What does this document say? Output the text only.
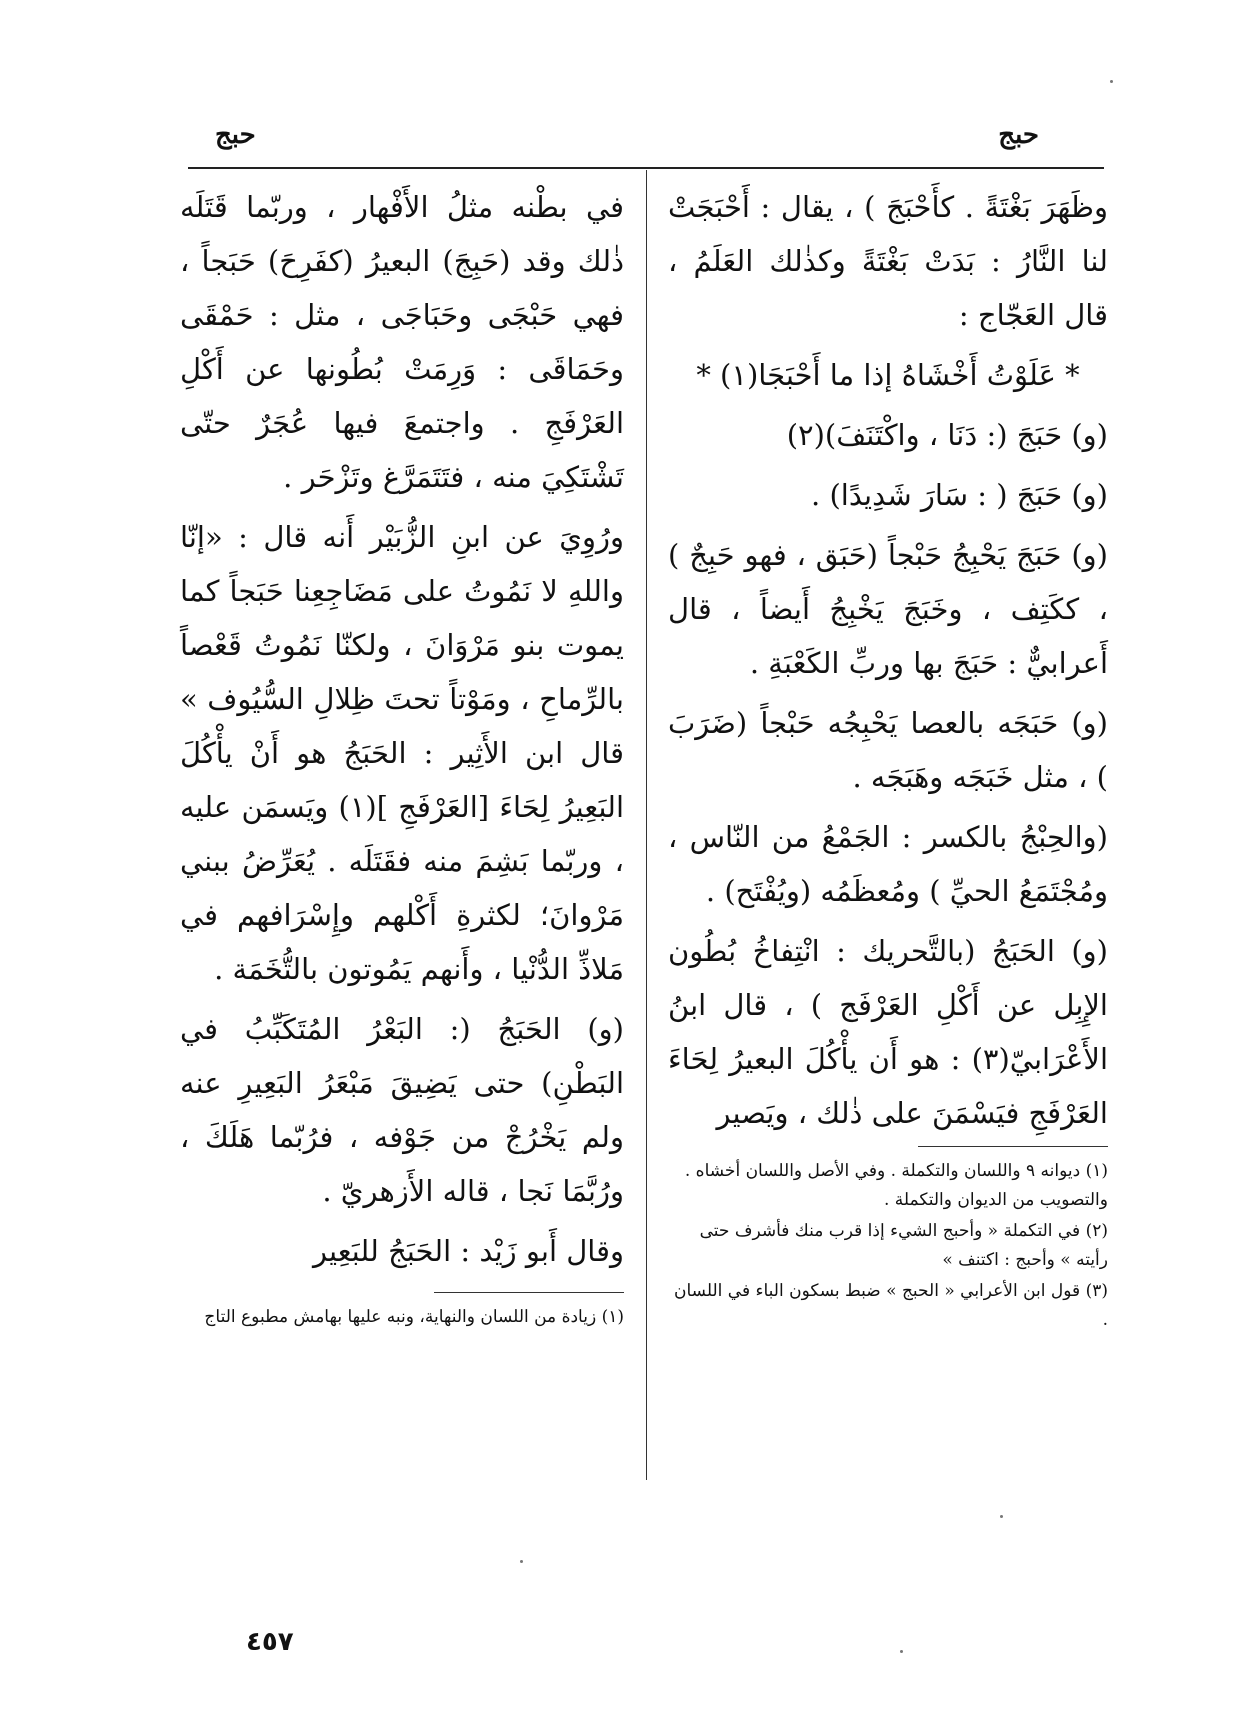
حبج
حبج

وظَهَرَ بَغْتَةً . كأَحْبَجَ ) ، يقال : أَحْبَجَتْ لنا النَّارُ : بَدَتْ بَغْتَةً وكذٰلك العَلَمُ ، قال العَجّاج :

* عَلَوْتُ أَخْشَاهُ إذا ما أَحْبَجَا(١) *

(و) حَبَجَ (: دَنَا ، واكْتَنَفَ)(٢)

(و) حَبَجَ ( : سَارَ شَدِيدًا) .

(و) حَبَجَ يَحْبِجُ حَبْجاً (حَبَق ، فهو حَبِجٌ ) ، ككَتِف ، وخَبَجَ يَخْبِجُ أَيضاً ، قال أَعرابيٌّ : حَبَجَ بها وربِّ الكَعْبَةِ .

(و) حَبَجَه بالعصا يَحْبِجُه حَبْجاً (ضَرَبَ ) ، مثل خَبَجَه وهَبَجَه .

(والحِبْجُ بالكسر : الجَمْعُ من النّاس ، ومُجْتَمَعُ الحيِّ ) ومُعظَمُه (ويُفْتَح) .

(و) الحَبَجُ (بالتَّحريك : انْتِفاخُ بُطُون الإِبِل عن أَكْلِ العَرْفَج ) ، قال ابنُ الأَعْرَابيّ(٣) : هو أَن يأْكُلَ البعيرُ لِحَاءَ العَرْفَجِ فيَسْمَنَ على ذٰلك ، ويَصير

(١) ديوانه ٩ واللسان والتكملة . وفي الأصل واللسان أخشاه . والتصويب من الديوان والتكملة .
(٢) في التكملة « وأحبج الشيء إذا قرب منك فأشرف حتى رأيته » وأحبج : اكتنف »
(٣) قول ابن الأعرابي « الحبج » ضبط بسكون الباء في اللسان .

في بطْنه مثلُ الأَفْهار ، وربّما قَتَلَه ذٰلك وقد (حَبِجَ) البعيرُ (كفَرِحَ) حَبَجاً ، فهي حَبْجَى وحَبَاجَى ، مثل : حَمْقَى وحَمَاقَى : وَرِمَتْ بُطُونها عن أَكْلِ العَرْفَجِ . واجتمعَ فيها عُجَرٌ حتّى تَشْتَكِيَ منه ، فتَتَمَرَّغ وتَزْحَر .

ورُوِيَ عن ابنِ الزُّبَيْر أَنه قال : «إنّا واللهِ لا نَمُوتُ على مَضَاجِعِنا حَبَجاً كما يموت بنو مَرْوَانَ ، ولكنّا نَمُوتُ قَعْصاً بالرِّماحِ ، ومَوْتاً تحتَ ظِلالِ السُّيُوف » قال ابن الأَثِير : الحَبَجُ هو أَنْ يأْكُلَ البَعِيرُ لِحَاءَ [العَرْفَجِ ](١) ويَسمَن عليه ، وربّما بَشِمَ منه فقَتَلَه . يُعَرِّضُ ببني مَرْوانَ؛ لكثرةِ أَكْلهم وإِسْرَافهم في مَلاذِّ الدُّنْيا ، وأَنهم يَمُوتون بالتُّخَمَة .

(و) الحَبَجُ (: البَعْرُ المُتَكَبِّبُ في البَطْنِ) حتى يَضِيقَ مَبْعَرُ البَعِيرِ عنه ولم يَخْرُجْ من جَوْفه ، فرُبّما هَلَكَ ، ورُبَّمَا نَجا ، قاله الأَزهريّ .

وقال أَبو زَيْد : الحَبَجُ للبَعِير

(١) زيادة من اللسان والنهاية، ونبه عليها بهامش مطبوع التاج
٤٥٧
